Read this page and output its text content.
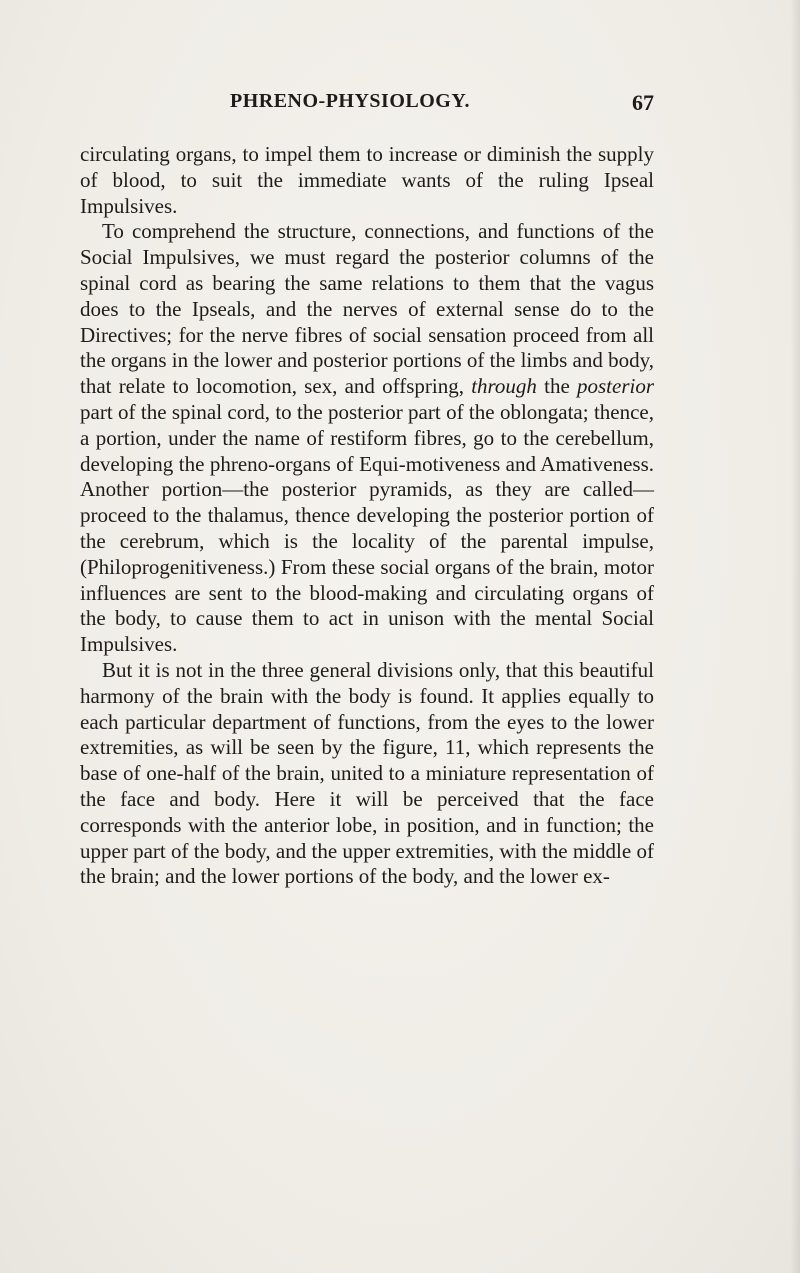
PHRENO-PHYSIOLOGY.	67

circulating organs, to impel them to increase or diminish the supply of blood, to suit the immediate wants of the ruling Ipseal Impulsives.

To comprehend the structure, connections, and functions of the Social Impulsives, we must regard the posterior columns of the spinal cord as bearing the same relations to them that the vagus does to the Ipseals, and the nerves of external sense do to the Directives; for the nerve fibres of social sensation proceed from all the organs in the lower and posterior portions of the limbs and body, that relate to locomotion, sex, and offspring, through the posterior part of the spinal cord, to the posterior part of the oblongata; thence, a portion, under the name of restiform fibres, go to the cerebellum, developing the phreno-organs of Equi-motiveness and Amativeness. Another portion—the posterior pyramids, as they are called—proceed to the thalamus, thence developing the posterior portion of the cerebrum, which is the locality of the parental impulse, (Philoprogenitiveness.) From these social organs of the brain, motor influences are sent to the blood-making and circulating organs of the body, to cause them to act in unison with the mental Social Impulsives.

But it is not in the three general divisions only, that this beautiful harmony of the brain with the body is found. It applies equally to each particular department of functions, from the eyes to the lower extremities, as will be seen by the figure, 11, which represents the base of one-half of the brain, united to a miniature representation of the face and body. Here it will be perceived that the face corresponds with the anterior lobe, in position, and in function; the upper part of the body, and the upper extremities, with the middle of the brain; and the lower portions of the body, and the lower ex-
